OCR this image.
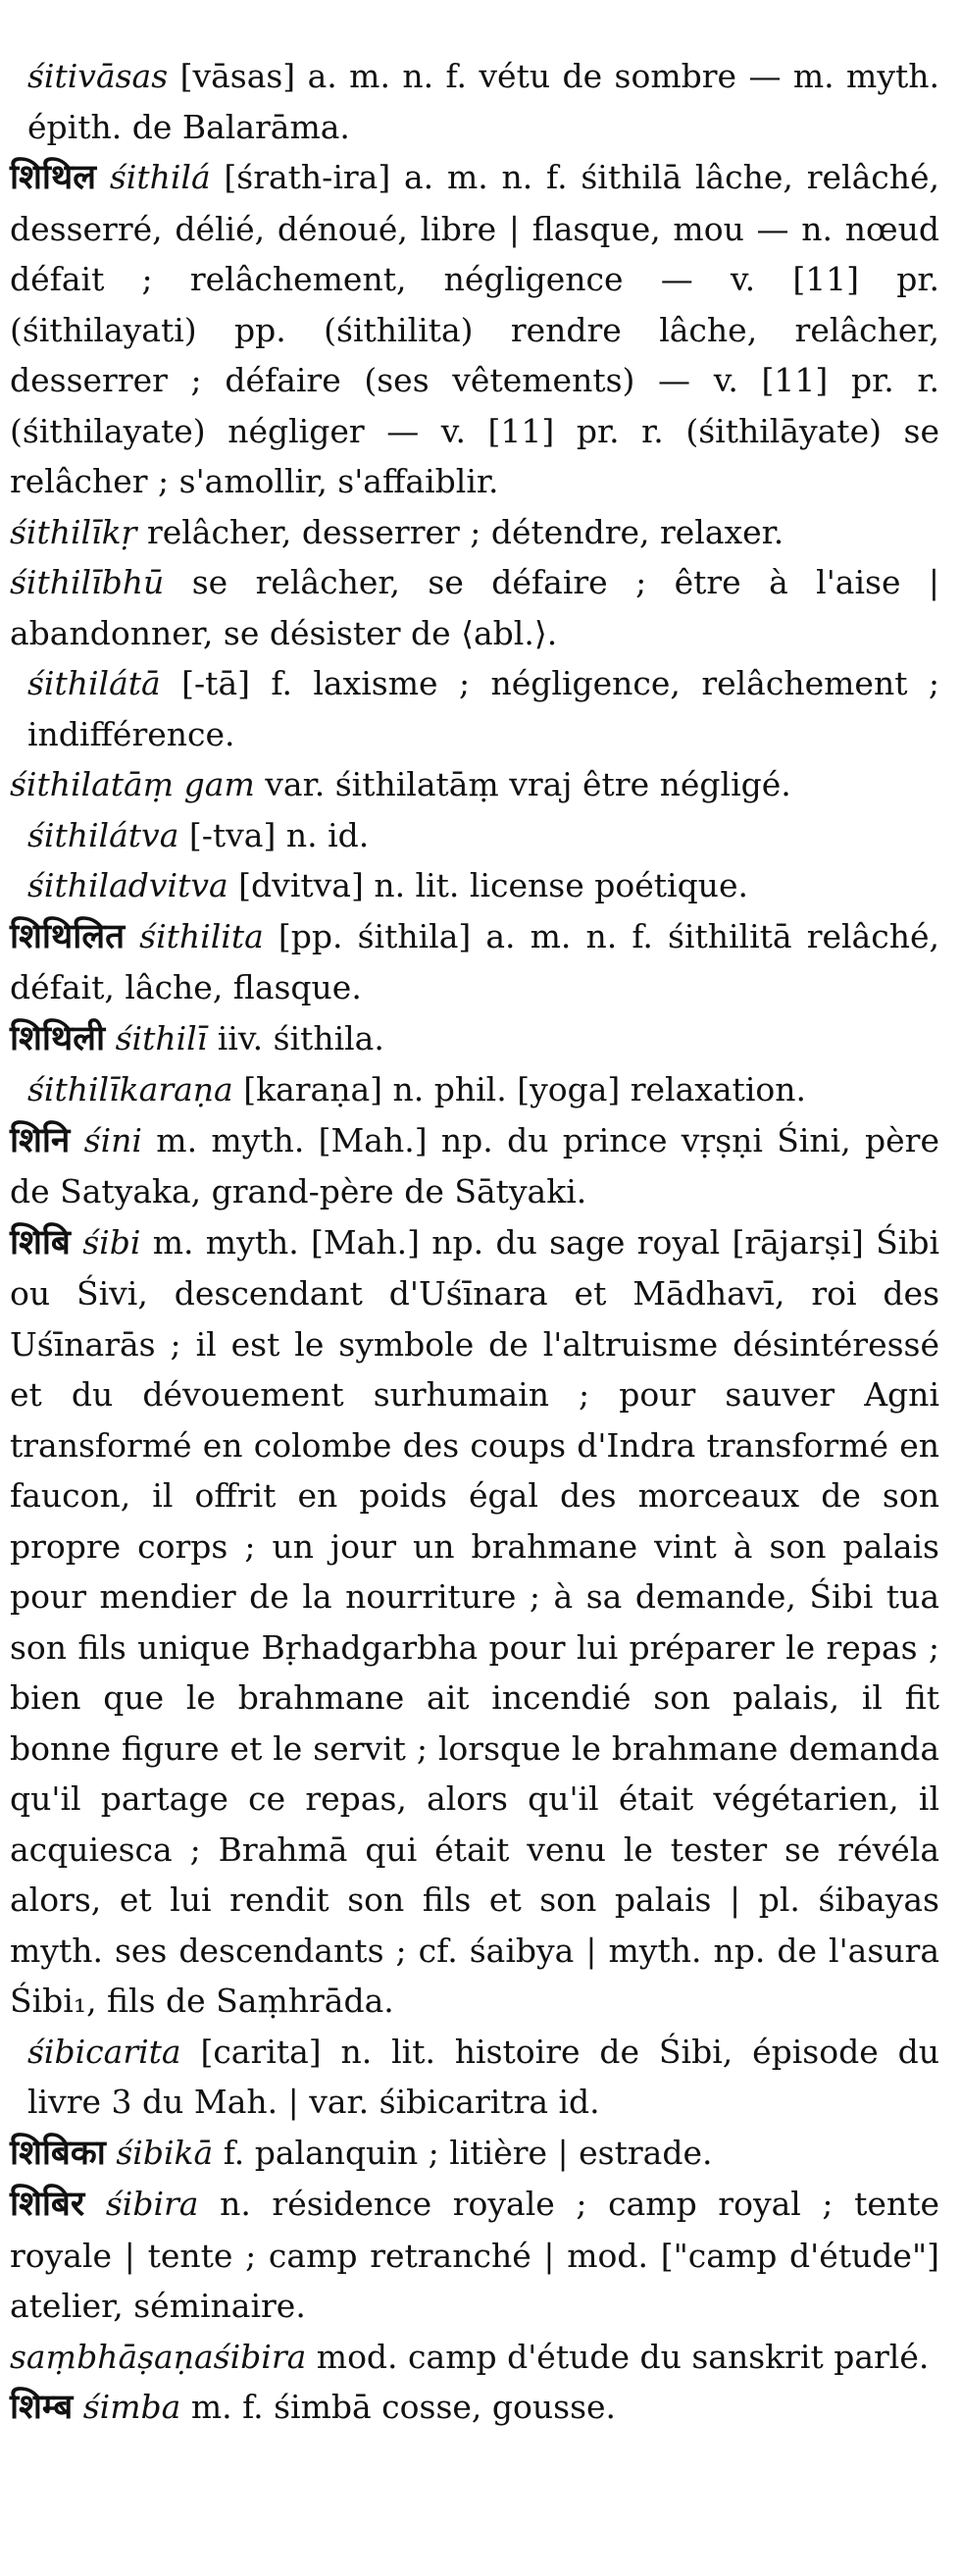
śitivāsas [vāsas] a. m. n. f. vétu de sombre — m. myth. épith. de Balarāma.

शिथिल śithilá [śrath-ira] a. m. n. f. śithilā lâche, relâché, desserré, délié, dénoué, libre | flasque, mou — n. nœud défait ; relâchement, négligence — v. [11] pr. (śithilayati) pp. (śithilita) rendre lâche, relâcher, desserrer ; défaire (ses vêtements) — v. [11] pr. r. (śithilayate) négliger — v. [11] pr. r. (śithilāyate) se relâcher ; s'amollir, s'affaiblir.

śithilīkṛ relâcher, desserrer ; détendre, relaxer.

śithilībhū se relâcher, se défaire ; être à l'aise | abandonner, se désister de ⟨abl.⟩.

śithilátā [-tā] f. laxisme ; négligence, relâchement ; indifférence.

śithilatāṃ gam var. śithilatāṃ vraj être négligé.

śithilátva [-tva] n. id.

śithiladvitva [dvitva] n. lit. license poétique.

शिथिलित śithilita [pp. śithila] a. m. n. f. śithilitā relâché, défait, lâche, flasque.

शिथिली śithilī iiv. śithila.

śithilīkaraṇa [karaṇa] n. phil. [yoga] relaxation.

शिनि śini m. myth. [Mah.] np. du prince vṛṣṇi Śini, père de Satyaka, grand-père de Sātyaki.

शिबि śibi m. myth. [Mah.] np. du sage royal [rājarṣi] Śibi ou Śivi, descendant d'Uśīnara et Mādhavī, roi des Uśīnarās ; il est le symbole de l'altruisme désintéressé et du dévouement surhumain ; pour sauver Agni transformé en colombe des coups d'Indra transformé en faucon, il offrit en poids égal des morceaux de son propre corps ; un jour un brahmane vint à son palais pour mendier de la nourriture ; à sa demande, Śibi tua son fils unique Bṛhadgarbha pour lui préparer le repas ; bien que le brahmane ait incendié son palais, il fit bonne figure et le servit ; lorsque le brahmane demanda qu'il partage ce repas, alors qu'il était végétarien, il acquiesca ; Brahmā qui était venu le tester se révéla alors, et lui rendit son fils et son palais | pl. śibayas myth. ses descendants ; cf. śaibya | myth. np. de l'asura Śibi₁, fils de Saṃhrāda.

śibicarita [carita] n. lit. histoire de Śibi, épisode du livre 3 du Mah. | var. śibicaritra id.

शिबिका śibikā f. palanquin ; litière | estrade.

शिबिर śibira n. résidence royale ; camp royal ; tente royale | tente ; camp retranché | mod. ["camp d'étude"] atelier, séminaire.

saṃbhāṣaṇaśibira mod. camp d'étude du sanskrit parlé.

शिम्ब śimba m. f. śimbā cosse, gousse.
